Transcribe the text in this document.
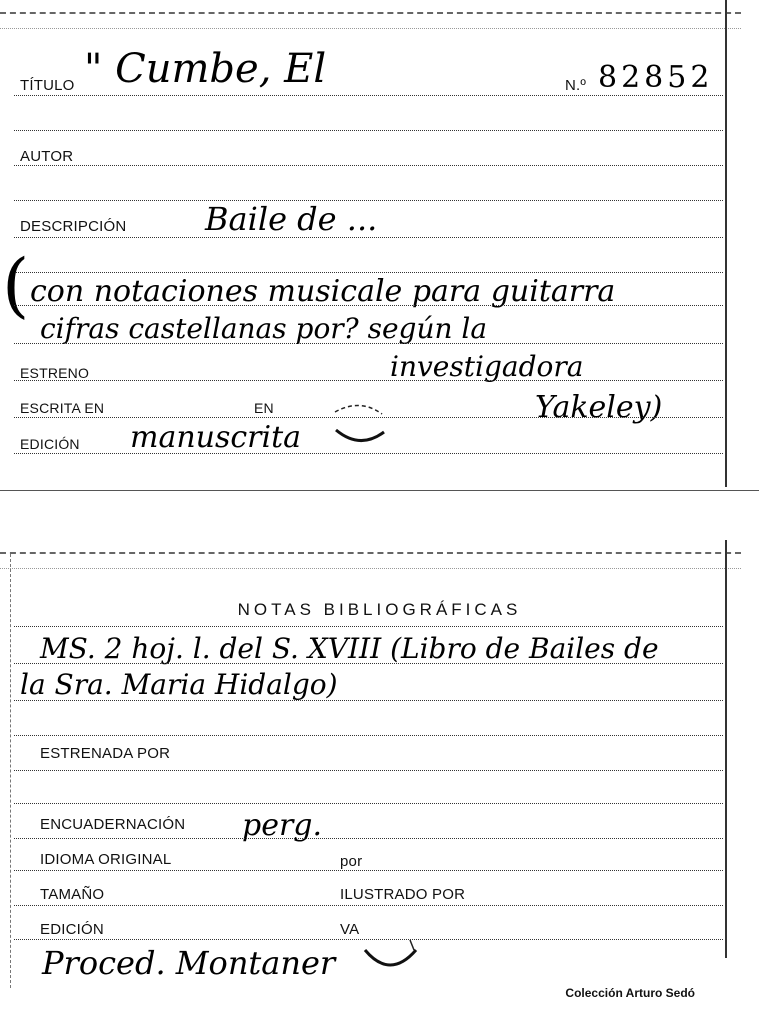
TÍTULO " Cumbe, El	N.º 82852
AUTOR
DESCRIPCIÓN Baile de ...
( con notaciones musicale para guitarra
cifras castellanas por? según la
ESTRENO	investigadora
ESCRITA EN	EN	Yakeley)
EDICIÓN manuscrita
NOTAS BIBLIOGRÁFICAS
MS. 2 hoj. l. del S. XVIII (Libro de Bailes de
la Sra. Maria Hidalgo)
ESTRENADA POR
ENCUADERNACIÓN perg.
IDIOMA ORIGINAL	por
TAMAÑO	ILUSTRADO POR
EDICIÓN	VA
Proced. Montaner
Colección Arturo Sedó
